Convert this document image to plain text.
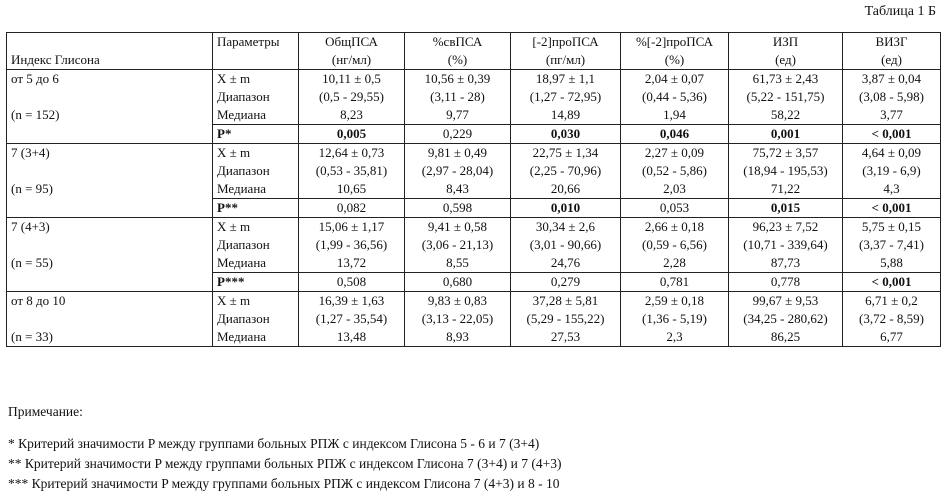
Таблица 1 Б
Индекс Глисона	Параметры	ОбщПСА	%свПСА	[-2]проПСА	%[-2]проПСА	ИЗП	ВИЗГ
		(нг/мл)	(%)	(пг/мл)	(%)	(ед)	(ед)
от 5 до 6	X ± m	10,11 ± 0,5	10,56 ± 0,39	18,97 ± 1,1	2,04 ± 0,07	61,73 ± 2,43	3,87 ± 0,04
	Диапазон	(0,5 - 29,55)	(3,11 - 28)	(1,27 - 72,95)	(0,44 - 5,36)	(5,22 - 151,75)	(3,08 - 5,98)
(n = 152)	Медиана	8,23	9,77	14,89	1,94	58,22	3,77
	P*	0,005	0,229	0,030	0,046	0,001	< 0,001
7 (3+4)	X ± m	12,64 ± 0,73	9,81 ± 0,49	22,75 ± 1,34	2,27 ± 0,09	75,72 ± 3,57	4,64 ± 0,09
	Диапазон	(0,53 - 35,81)	(2,97 - 28,04)	(2,25 - 70,96)	(0,52 - 5,86)	(18,94 - 195,53)	(3,19 - 6,9)
(n = 95)	Медиана	10,65	8,43	20,66	2,03	71,22	4,3
	P**	0,082	0,598	0,010	0,053	0,015	< 0,001
7 (4+3)	X ± m	15,06 ± 1,17	9,41 ± 0,58	30,34 ± 2,6	2,66 ± 0,18	96,23 ± 7,52	5,75 ± 0,15
	Диапазон	(1,99 - 36,56)	(3,06 - 21,13)	(3,01 - 90,66)	(0,59 - 6,56)	(10,71 - 339,64)	(3,37 - 7,41)
(n = 55)	Медиана	13,72	8,55	24,76	2,28	87,73	5,88
	P***	0,508	0,680	0,279	0,781	0,778	< 0,001
от 8 до 10	X ± m	16,39 ± 1,63	9,83 ± 0,83	37,28 ± 5,81	2,59 ± 0,18	99,67 ± 9,53	6,71 ± 0,2
	Диапазон	(1,27 - 35,54)	(3,13 - 22,05)	(5,29 - 155,22)	(1,36 - 5,19)	(34,25 - 280,62)	(3,72 - 8,59)
(n = 33)	Медиана	13,48	8,93	27,53	2,3	86,25	6,77
Примечание:
* Критерий значимости P между группами больных РПЖ с индексом Глисона 5 - 6 и 7 (3+4)
** Критерий значимости P между группами больных РПЖ с индексом Глисона 7 (3+4) и 7 (4+3)
*** Критерий значимости P между группами больных РПЖ с индексом Глисона 7 (4+3) и 8 - 10
